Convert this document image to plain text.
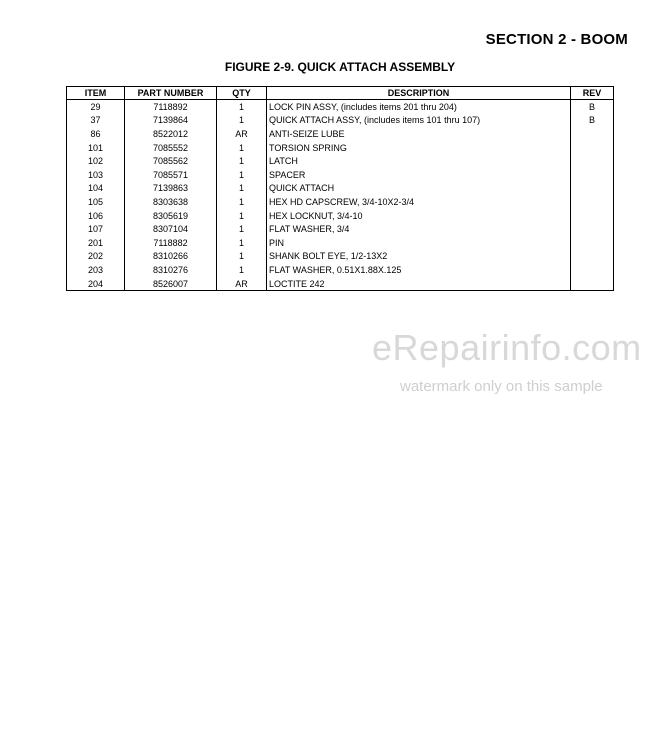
SECTION 2 - BOOM
FIGURE 2-9. QUICK ATTACH ASSEMBLY
ITEM	PART NUMBER	QTY	DESCRIPTION	REV
29	7118892	1	LOCK PIN ASSY, (includes items 201 thru 204)	B
37	7139864	1	QUICK ATTACH ASSY, (includes items 101 thru 107)	B
86	8522012	AR	ANTI-SEIZE LUBE	
101	7085552	1	TORSION SPRING	
102	7085562	1	LATCH	
103	7085571	1	SPACER	
104	7139863	1	QUICK ATTACH	
105	8303638	1	HEX HD CAPSCREW, 3/4-10X2-3/4	
106	8305619	1	HEX LOCKNUT, 3/4-10	
107	8307104	1	FLAT WASHER, 3/4	
201	7118882	1	PIN	
202	8310266	1	SHANK BOLT EYE, 1/2-13X2	
203	8310276	1	FLAT WASHER, 0.51X1.88X.125	
204	8526007	AR	LOCTITE 242	
eRepairinfo.com
watermark only on this sample
